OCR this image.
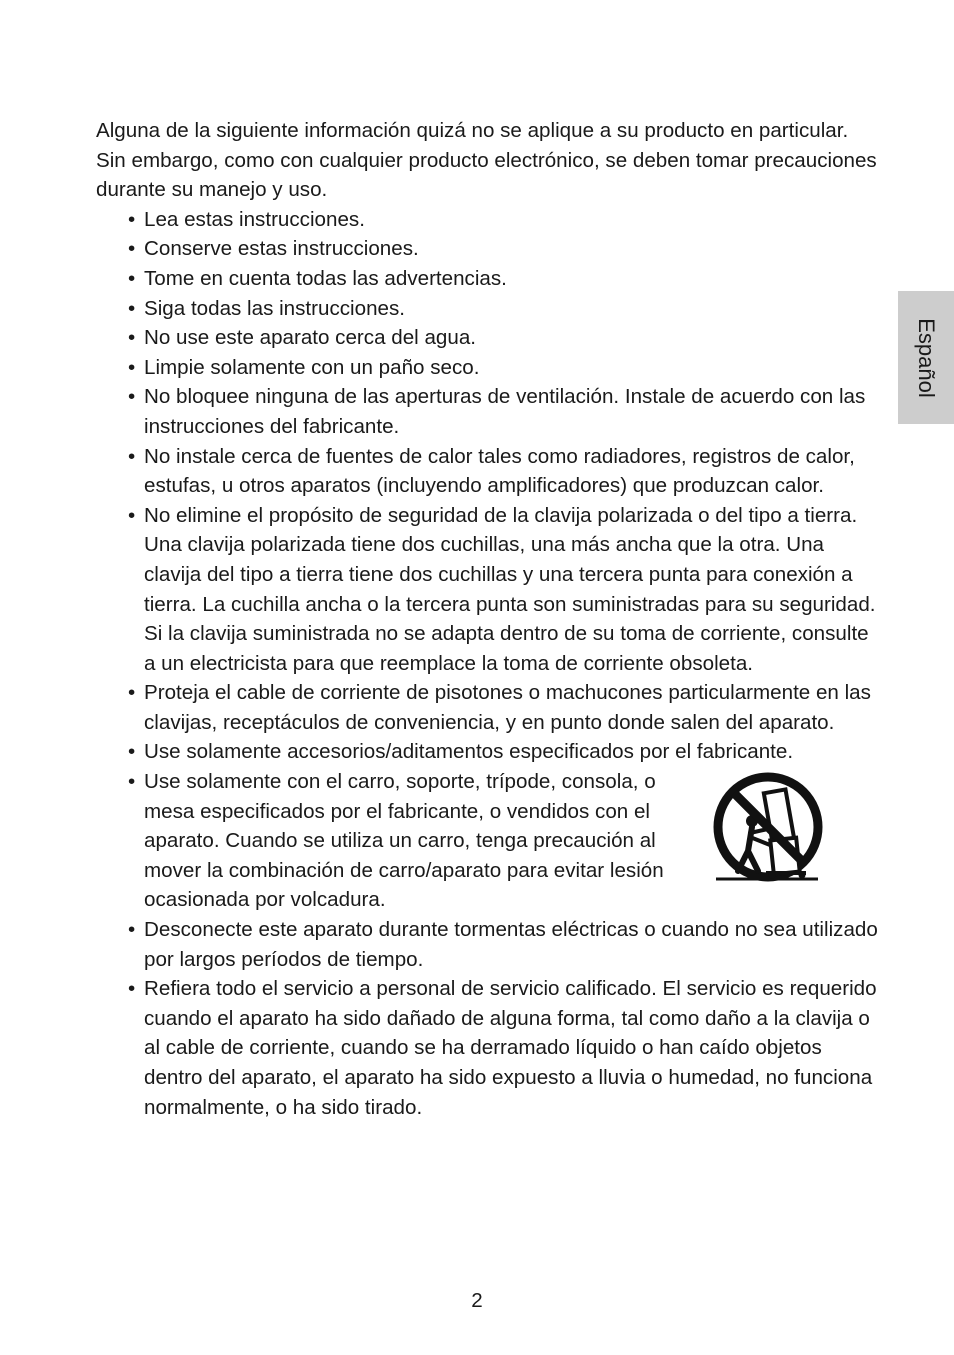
Español

Alguna de la siguiente información quizá no se aplique a su producto en particular. Sin embargo, como con cualquier producto electrónico, se deben tomar precauciones durante su manejo y uso.

• Lea estas instrucciones.
• Conserve estas instrucciones.
• Tome en cuenta todas las advertencias.
• Siga todas las instrucciones.
• No use este aparato cerca del agua.
• Limpie solamente con un paño seco.
• No bloquee ninguna de las aperturas de ventilación. Instale de acuerdo con las instrucciones del fabricante.
• No instale cerca de fuentes de calor tales como radiadores, registros de calor, estufas, u otros aparatos (incluyendo amplificadores) que produzcan calor.
• No elimine el propósito de seguridad de la clavija polarizada o del tipo a tierra. Una clavija polarizada tiene dos cuchillas, una más ancha que la otra. Una clavija del tipo a tierra tiene dos cuchillas y una tercera punta para conexión a tierra. La cuchilla ancha o la tercera punta son suministradas para su seguridad. Si la clavija suministrada no se adapta dentro de su toma de corriente, consulte a un electricista para que reemplace la toma de corriente obsoleta.
• Proteja el cable de corriente de pisotones o machucones particularmente en las clavijas, receptáculos de conveniencia, y en punto donde salen del aparato.
• Use solamente accesorios/aditamentos especificados por el fabricante.
• Use solamente con el carro, soporte, trípode, consola, o mesa especificados por el fabricante, o vendidos con el aparato. Cuando se utiliza un carro, tenga precaución al mover la combinación de carro/aparato para evitar lesión ocasionada por volcadura.
• Desconecte este aparato durante tormentas eléctricas o cuando no sea utilizado por largos períodos de tiempo.
• Refiera todo el servicio a personal de servicio calificado. El servicio es requerido cuando el aparato ha sido dañado de alguna forma, tal como daño a la clavija o al cable de corriente, cuando se ha derramado líquido o han caído objetos dentro del aparato, el aparato ha sido expuesto a lluvia o humedad, no funciona normalmente, o ha sido tirado.
2
